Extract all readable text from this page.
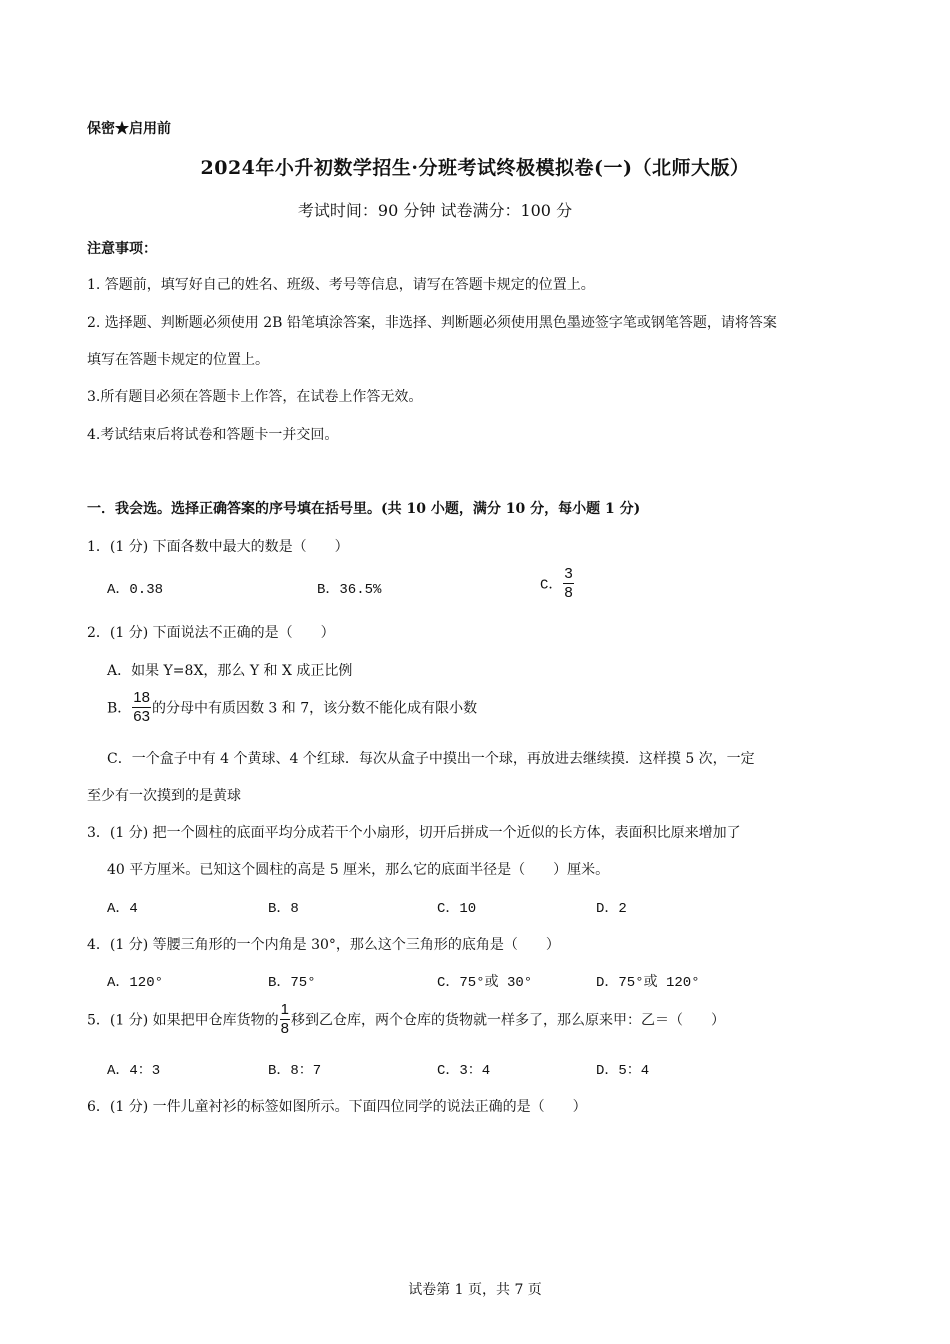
保密★启用前
2024年小升初数学招生·分班考试终极模拟卷(一)（北师大版）
考试时间：90 分钟 试卷满分：100 分
注意事项：
1. 答题前，填写好自己的姓名、班级、考号等信息，请写在答题卡规定的位置上。
2. 选择题、判断题必须使用 2B 铅笔填涂答案，非选择、判断题必须使用黑色墨迹签字笔或钢笔答题，请将答案
填写在答题卡规定的位置上。
3.所有题目必须在答题卡上作答，在试卷上作答无效。
4.考试结束后将试卷和答题卡一并交回。
一．我会选。选择正确答案的序号填在括号里。(共 10 小题，满分 10 分，每小题 1 分)
1．(1 分) 下面各数中最大的数是（　　）
A．0.38	B．36.5%	C． $\frac{3}{8}$
2．(1 分) 下面说法不正确的是（　　）
A．如果 Y=8X，那么 Y 和 X 成正比例
B． $\frac{18}{63}$ 的分母中有质因数 3 和 7，该分数不能化成有限小数
C．一个盒子中有 4 个黄球、4 个红球．每次从盒子中摸出一个球，再放进去继续摸．这样摸 5 次，一定
至少有一次摸到的是黄球
3．(1 分) 把一个圆柱的底面平均分成若干个小扇形，切开后拼成一个近似的长方体，表面积比原来增加了
40 平方厘米。已知这个圆柱的高是 5 厘米，那么它的底面半径是（　　）厘米。
A．4	B．8	C．10	D．2
4．(1 分) 等腰三角形的一个内角是 30°，那么这个三角形的底角是（　　）
A．120°	B．75°	C．75°或 30°	D．75°或 120°
5．(1 分) 如果把甲仓库货物的 $\frac{1}{8}$ 移到乙仓库，两个仓库的货物就一样多了，那么原来甲：乙＝（　　）
A．4：3	B．8：7	C．3：4	D．5：4
6．(1 分) 一件儿童衬衫的标签如图所示。下面四位同学的说法正确的是（　　）
试卷第 1 页，共 7 页
